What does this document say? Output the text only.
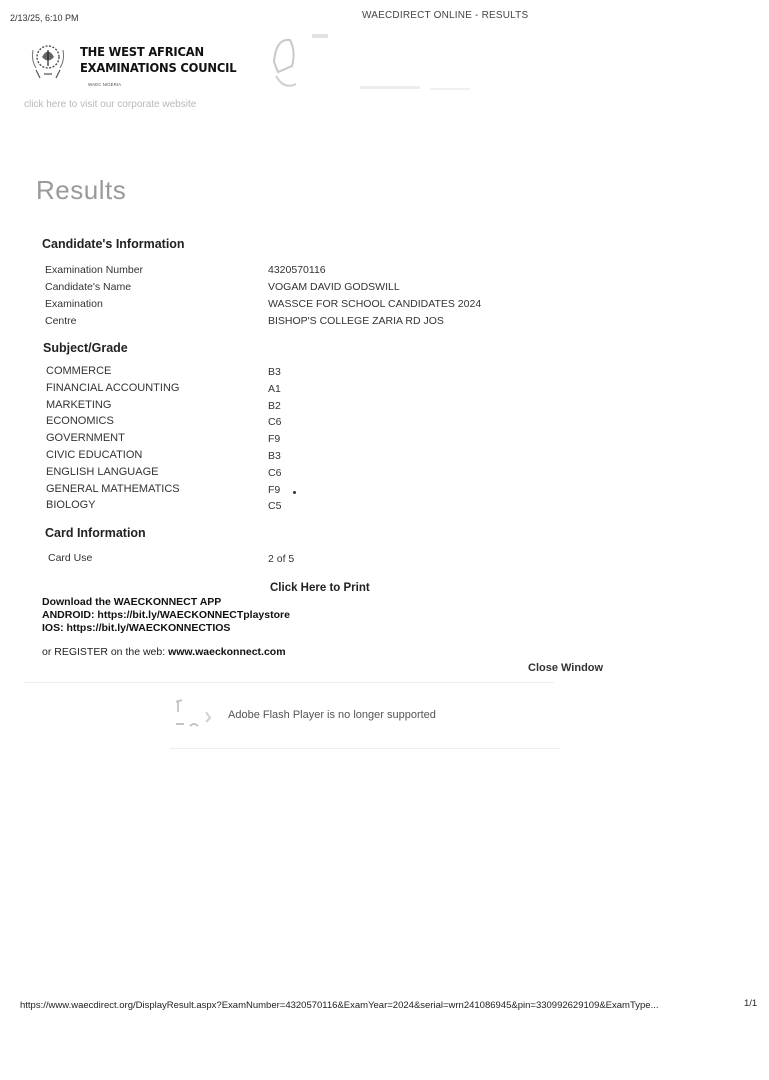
2/13/25, 6:10 PM	WAECDIRECT ONLINE - RESULTS
THE WEST AFRICAN
EXAMINATIONS COUNCIL
WAEC NIGERIA
click here to visit our corporate website
Results
Candidate's Information
Examination Number	4320570116
Candidate's Name	VOGAM DAVID GODSWILL
Examination	WASSCE FOR SCHOOL CANDIDATES 2024
Centre	BISHOP'S COLLEGE ZARIA RD JOS
Subject/Grade
COMMERCE	B3
FINANCIAL ACCOUNTING	A1
MARKETING	B2
ECONOMICS	C6
GOVERNMENT	F9
CIVIC EDUCATION	B3
ENGLISH LANGUAGE	C6
GENERAL MATHEMATICS	F9
BIOLOGY	C5
Card Information
Card Use	2 of 5
Click Here to Print
Download the WAECKONNECT APP
ANDROID: https://bit.ly/WAECKONNECTplaystore
IOS: https://bit.ly/WAECKONNECTIOS
or REGISTER on the web: www.waeckonnect.com
Close Window
Adobe Flash Player is no longer supported
https://www.waecdirect.org/DisplayResult.aspx?ExamNumber=4320570116&ExamYear=2024&serial=wrn241086945&pin=330992629109&ExamType...	1/1
